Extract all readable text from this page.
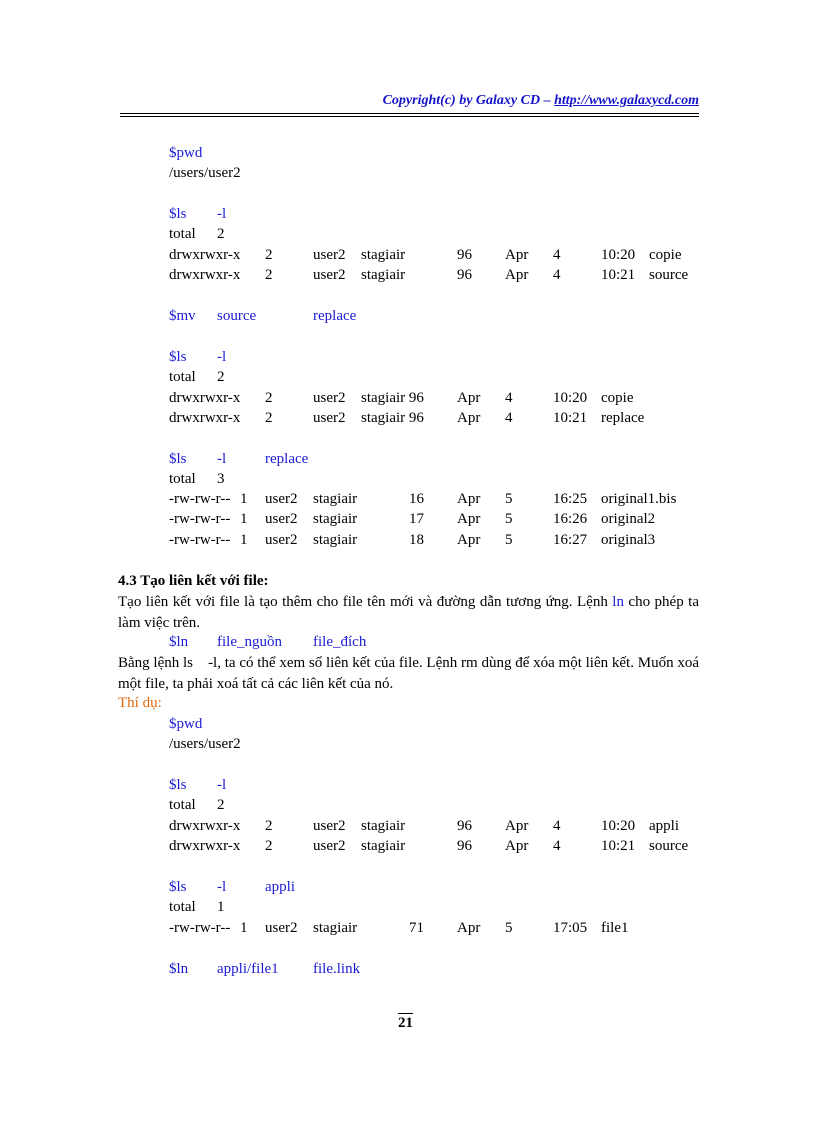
Copyright(c) by Galaxy CD – http://www.galaxycd.com
$pwd
/users/user2
$ls -l
total 2
drwxrwxr-x 2	user2 stagiair	96 Apr 4	10:20 copie
drwxrwxr-x 2	user2 stagiair	96 Apr 4	10:21 source
$mv source	replace
$ls -l
total 2
drwxrwxr-x 2	user2 stagiair 96 Apr 4	10:20 copie
drwxrwxr-x 2	user2 stagiair 96 Apr 4	10:21 replace
$ls -l	replace
total 3
-rw-rw-r-- 1 user2 stagiair	16 Apr 5	16:25 original1.bis
-rw-rw-r-- 1 user2 stagiair	17 Apr 5	16:26 original2
-rw-rw-r-- 1 user2 stagiair	18 Apr 5	16:27 original3
4.3 Tạo liên kết với file:
Tạo liên kết với file là tạo thêm cho file tên mới và đường dẫn tương ứng. Lệnh ln cho phép ta làm việc trên.
$ln file_nguồn file_đích
Bằng lệnh ls    -l, ta có thể xem số liên kết của file. Lệnh rm dùng để xóa một liên kết. Muốn xoá một file, ta phải xoá tất cả các liên kết của nó.
Thí dụ:
$pwd
/users/user2
$ls -l
total 2
drwxrwxr-x 2	user2 stagiair	96 Apr 4	10:20 appli
drwxrwxr-x 2	user2 stagiair	96 Apr 4	10:21 source
$ls -l	appli
total 1
-rw-rw-r-- 1 user2 stagiair	71 Apr 5	17:05 file1
$ln appli/file1 file.link
21
